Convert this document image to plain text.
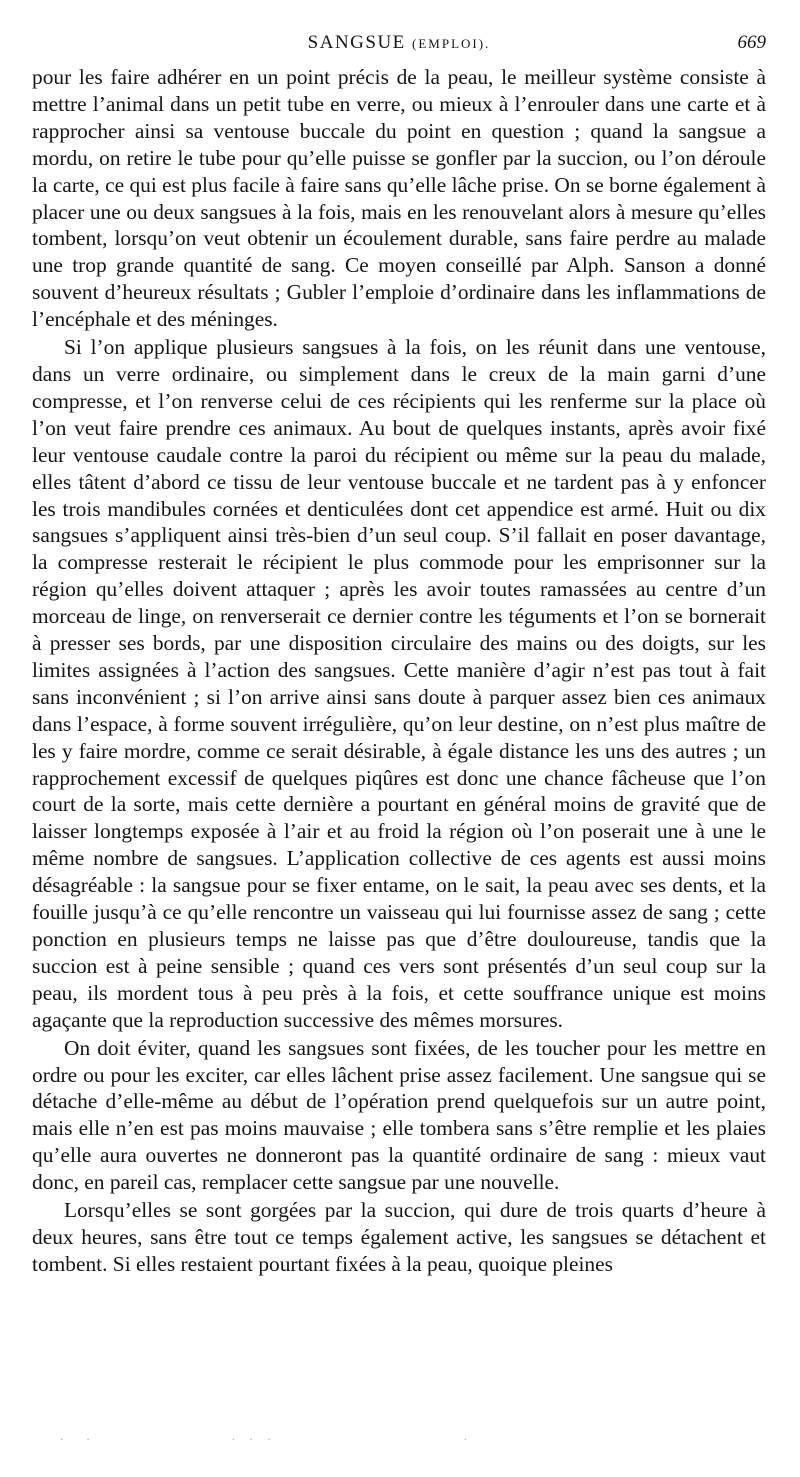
SANGSUE (EMPLOI).	669

pour les faire adhérer en un point précis de la peau, le meilleur système consiste à mettre l’animal dans un petit tube en verre, ou mieux à l’enrouler dans une carte et à rapprocher ainsi sa ventouse buccale du point en question ; quand la sangsue a mordu, on retire le tube pour qu’elle puisse se gonfler par la succion, ou l’on déroule la carte, ce qui est plus facile à faire sans qu’elle lâche prise. On se borne également à placer une ou deux sangsues à la fois, mais en les renouvelant alors à mesure qu’elles tombent, lorsqu’on veut obtenir un écoulement durable, sans faire perdre au malade une trop grande quantité de sang. Ce moyen conseillé par Alph. Sanson a donné souvent d’heureux résultats ; Gubler l’emploie d’ordinaire dans les inflammations de l’encéphale et des méninges.

Si l’on applique plusieurs sangsues à la fois, on les réunit dans une ventouse, dans un verre ordinaire, ou simplement dans le creux de la main garni d’une compresse, et l’on renverse celui de ces récipients qui les renferme sur la place où l’on veut faire prendre ces animaux. Au bout de quelques instants, après avoir fixé leur ventouse caudale contre la paroi du récipient ou même sur la peau du malade, elles tâtent d’abord ce tissu de leur ventouse buccale et ne tardent pas à y enfoncer les trois mandibules cornées et denticulées dont cet appendice est armé. Huit ou dix sangsues s’appliquent ainsi très-bien d’un seul coup. S’il fallait en poser davantage, la compresse resterait le récipient le plus commode pour les emprisonner sur la région qu’elles doivent attaquer ; après les avoir toutes ramassées au centre d’un morceau de linge, on renverserait ce dernier contre les téguments et l’on se bornerait à presser ses bords, par une disposition circulaire des mains ou des doigts, sur les limites assignées à l’action des sangsues. Cette manière d’agir n’est pas tout à fait sans inconvénient ; si l’on arrive ainsi sans doute à parquer assez bien ces animaux dans l’espace, à forme souvent irrégulière, qu’on leur destine, on n’est plus maître de les y faire mordre, comme ce serait désirable, à égale distance les uns des autres ; un rapprochement excessif de quelques piqûres est donc une chance fâcheuse que l’on court de la sorte, mais cette dernière a pourtant en général moins de gravité que de laisser longtemps exposée à l’air et au froid la région où l’on poserait une à une le même nombre de sangsues. L’application collective de ces agents est aussi moins désagréable : la sangsue pour se fixer entame, on le sait, la peau avec ses dents, et la fouille jusqu’à ce qu’elle rencontre un vaisseau qui lui fournisse assez de sang ; cette ponction en plusieurs temps ne laisse pas que d’être douloureuse, tandis que la succion est à peine sensible ; quand ces vers sont présentés d’un seul coup sur la peau, ils mordent tous à peu près à la fois, et cette souffrance unique est moins agaçante que la reproduction successive des mêmes morsures.

On doit éviter, quand les sangsues sont fixées, de les toucher pour les mettre en ordre ou pour les exciter, car elles lâchent prise assez facilement. Une sangsue qui se détache d’elle-même au début de l’opération prend quelquefois sur un autre point, mais elle n’en est pas moins mauvaise ; elle tombera sans s’être remplie et les plaies qu’elle aura ouvertes ne donneront pas la quantité ordinaire de sang : mieux vaut donc, en pareil cas, remplacer cette sangsue par une nouvelle.

Lorsqu’elles se sont gorgées par la succion, qui dure de trois quarts d’heure à deux heures, sans être tout ce temps également active, les sangsues se détachent et tombent. Si elles restaient pourtant fixées à la peau, quoique pleines

·  ·                · · ·                      ·
